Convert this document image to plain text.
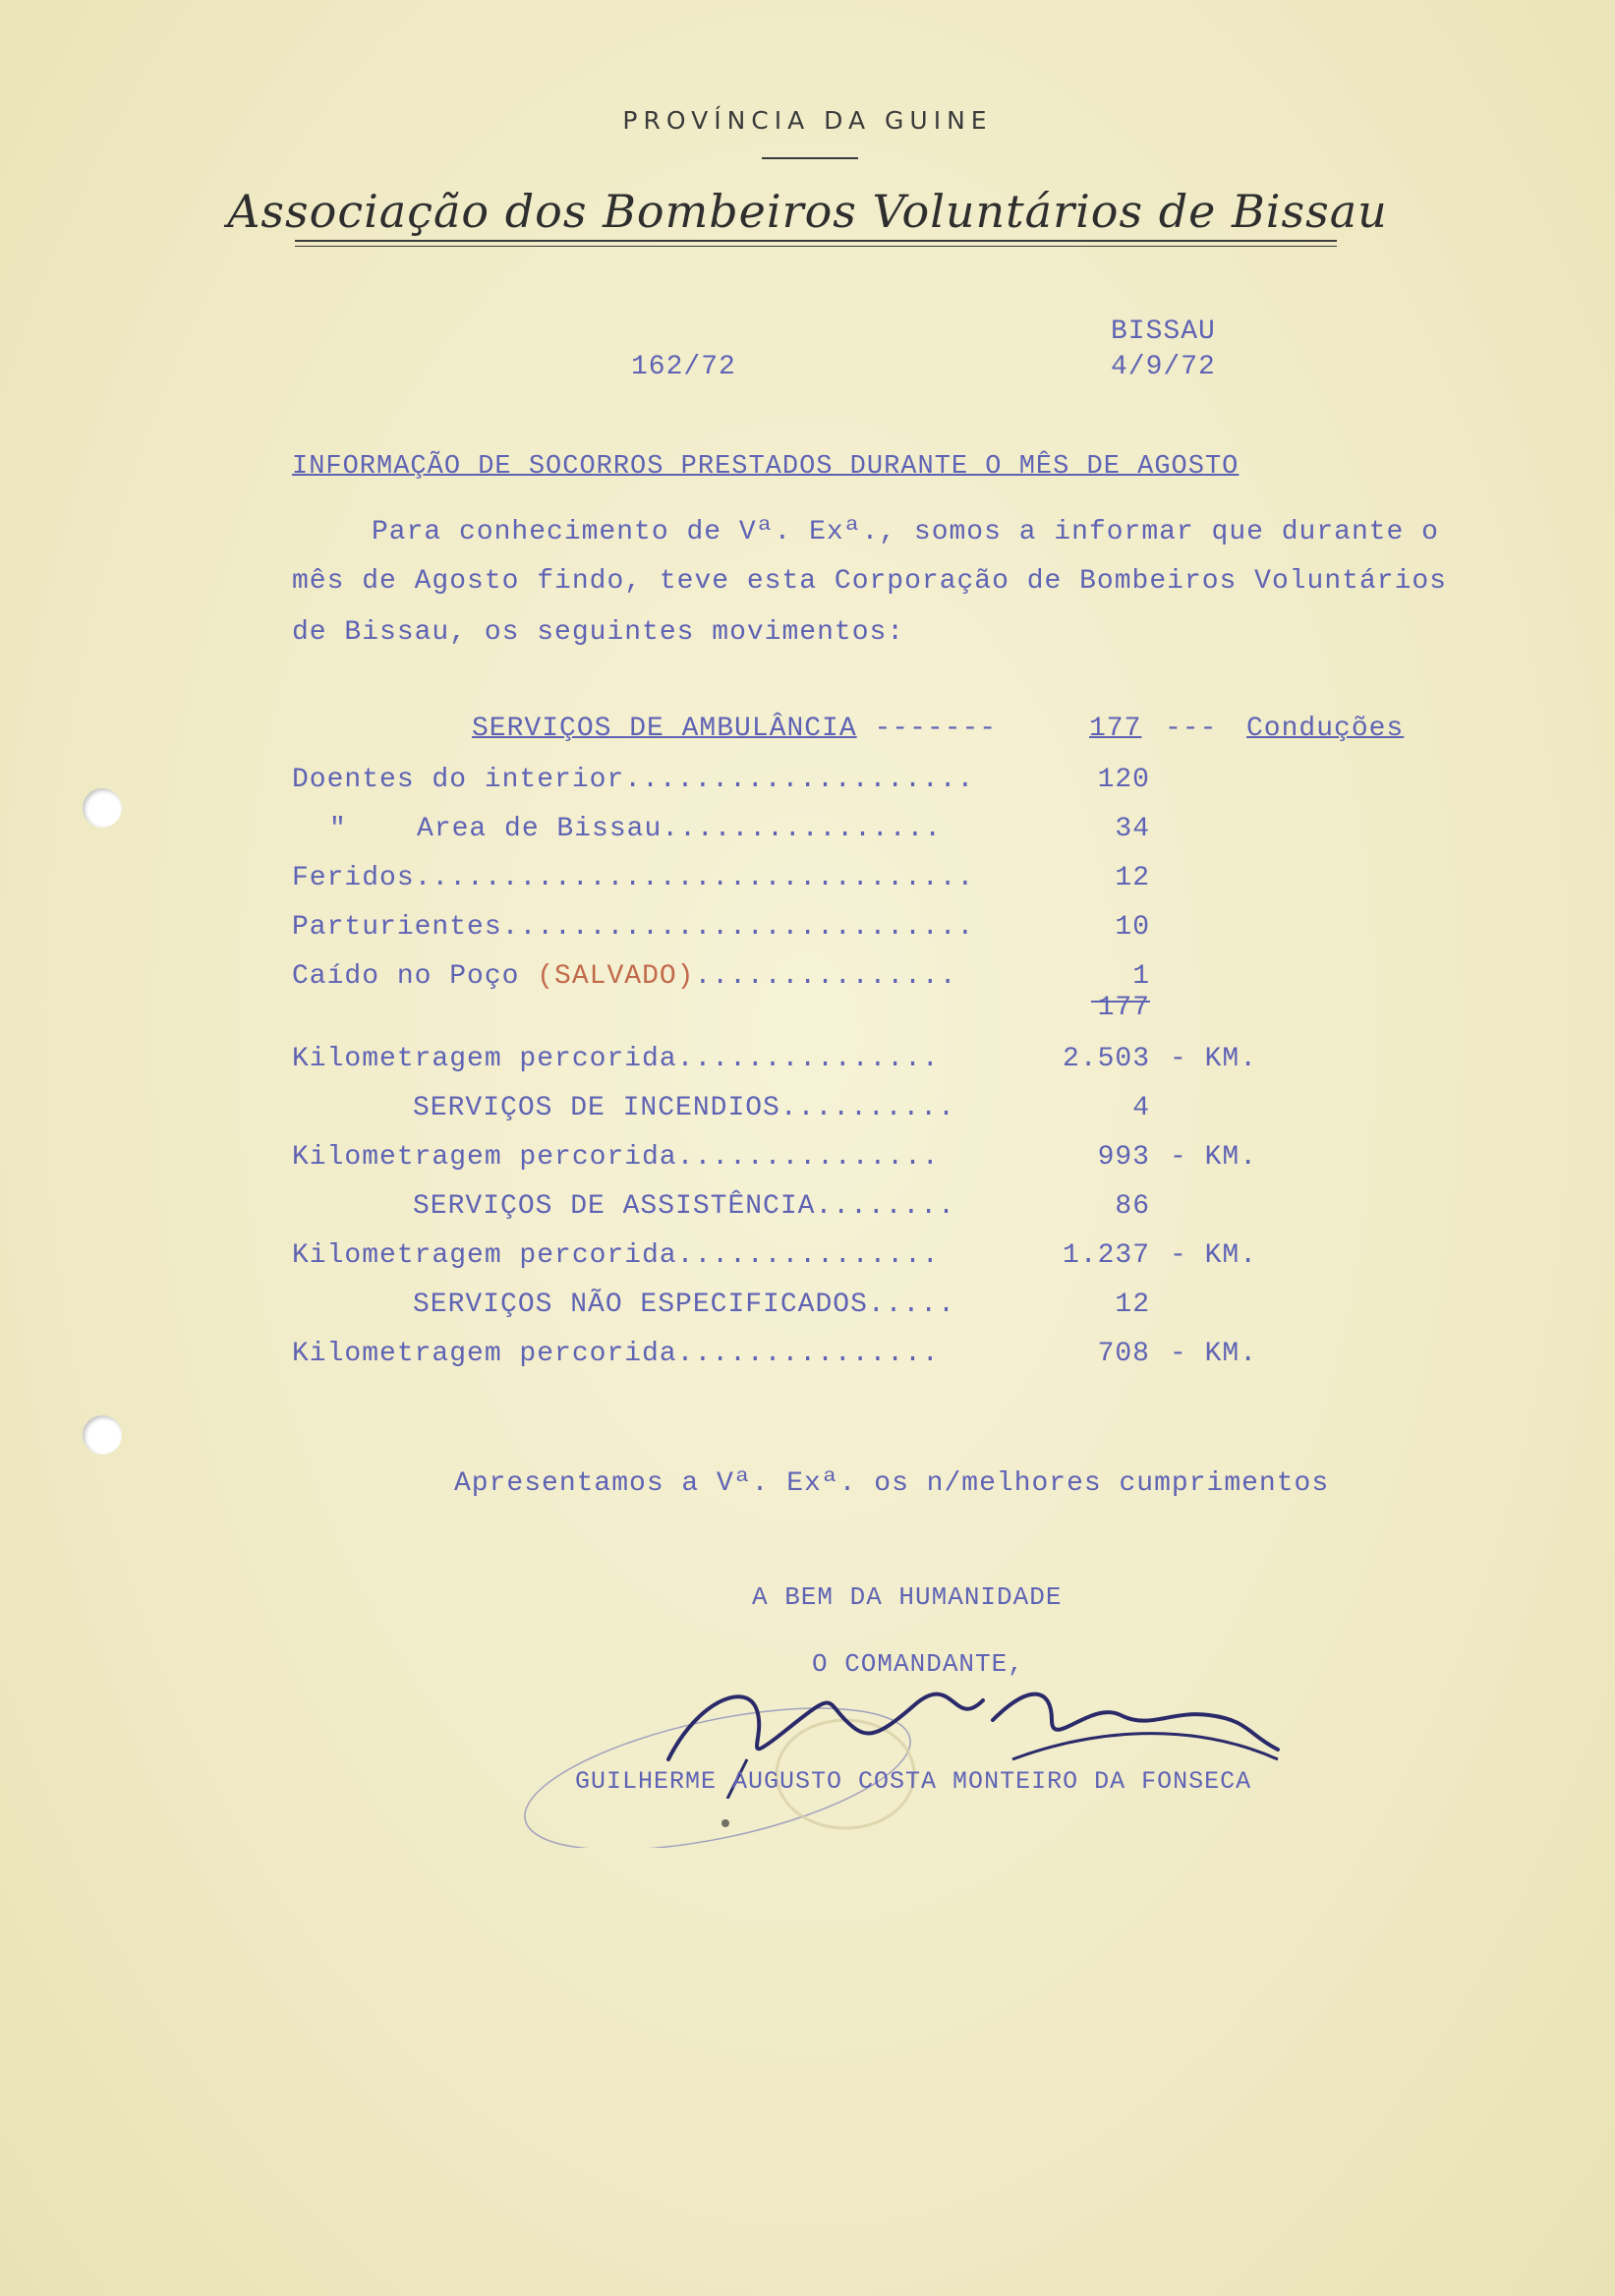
PROVÍNCIA DA GUINE
Associação dos Bombeiros Voluntários de Bissau
162/72
BISSAU
4/9/72
INFORMAÇÃO DE SOCORROS PRESTADOS DURANTE O MÊS DE AGOSTO
Para conhecimento de Vª. Exª., somos a informar que durante o
mês de Agosto findo, teve esta Corporação de Bombeiros Voluntários
de Bissau, os seguintes movimentos:
SERVIÇOS DE AMBULÂNCIA -------	177 --- Conduções
Doentes do interior....................	120
"    Area de Bissau................	34
Feridos................................	12
Parturientes...........................	10
Caído no Poço (SALVADO)...............	1
177
Kilometragem percorida...............	2.503 - KM.
SERVIÇOS DE INCENDIOS..........	4
Kilometragem percorida...............	993 - KM.
SERVIÇOS DE ASSISTÊNCIA........	86
Kilometragem percorida...............	1.237 - KM.
SERVIÇOS NÃO ESPECIFICADOS.....	12
Kilometragem percorida...............	708 - KM.
Apresentamos a Vª. Exª. os n/melhores cumprimentos
A BEM DA HUMANIDADE
O COMANDANTE,
GUILHERME AUGUSTO COSTA MONTEIRO DA FONSECA
